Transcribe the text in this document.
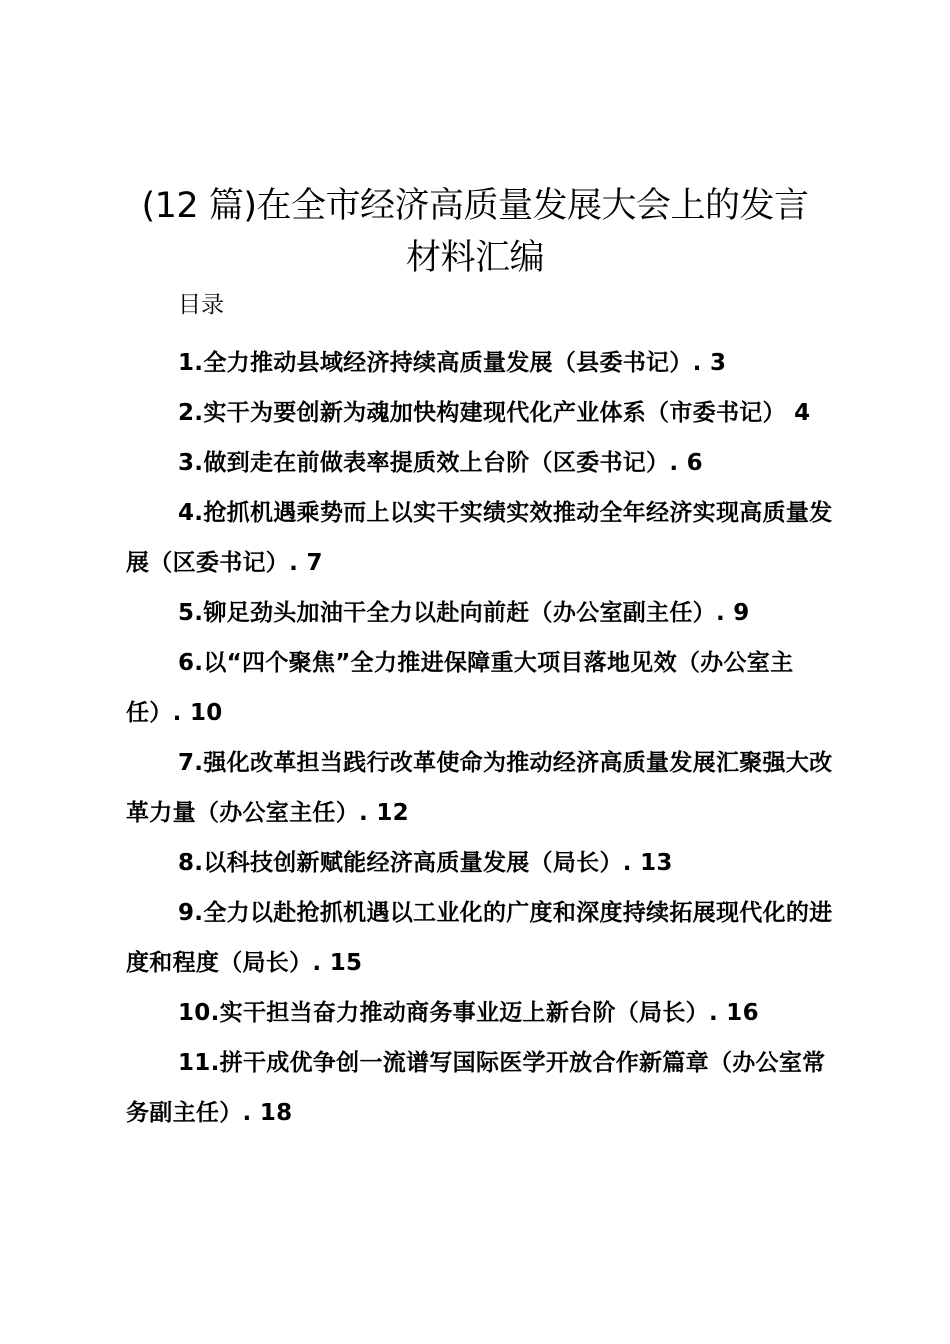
(12 篇)在全市经济高质量发展大会上的发言
材料汇编
目录
1.全力推动县域经济持续高质量发展（县委书记）. 3
2.实干为要创新为魂加快构建现代化产业体系（市委书记） 4
3.做到走在前做表率提质效上台阶（区委书记）. 6
4.抢抓机遇乘势而上以实干实绩实效推动全年经济实现高质量发展（区委书记）. 7
5.铆足劲头加油干全力以赴向前赶（办公室副主任）. 9
6.以“四个聚焦”全力推进保障重大项目落地见效（办公室主任）. 10
7.强化改革担当践行改革使命为推动经济高质量发展汇聚强大改革力量（办公室主任）. 12
8.以科技创新赋能经济高质量发展（局长）. 13
9.全力以赴抢抓机遇以工业化的广度和深度持续拓展现代化的进度和程度（局长）. 15
10.实干担当奋力推动商务事业迈上新台阶（局长）. 16
11.拼干成优争创一流谱写国际医学开放合作新篇章（办公室常务副主任）. 18
